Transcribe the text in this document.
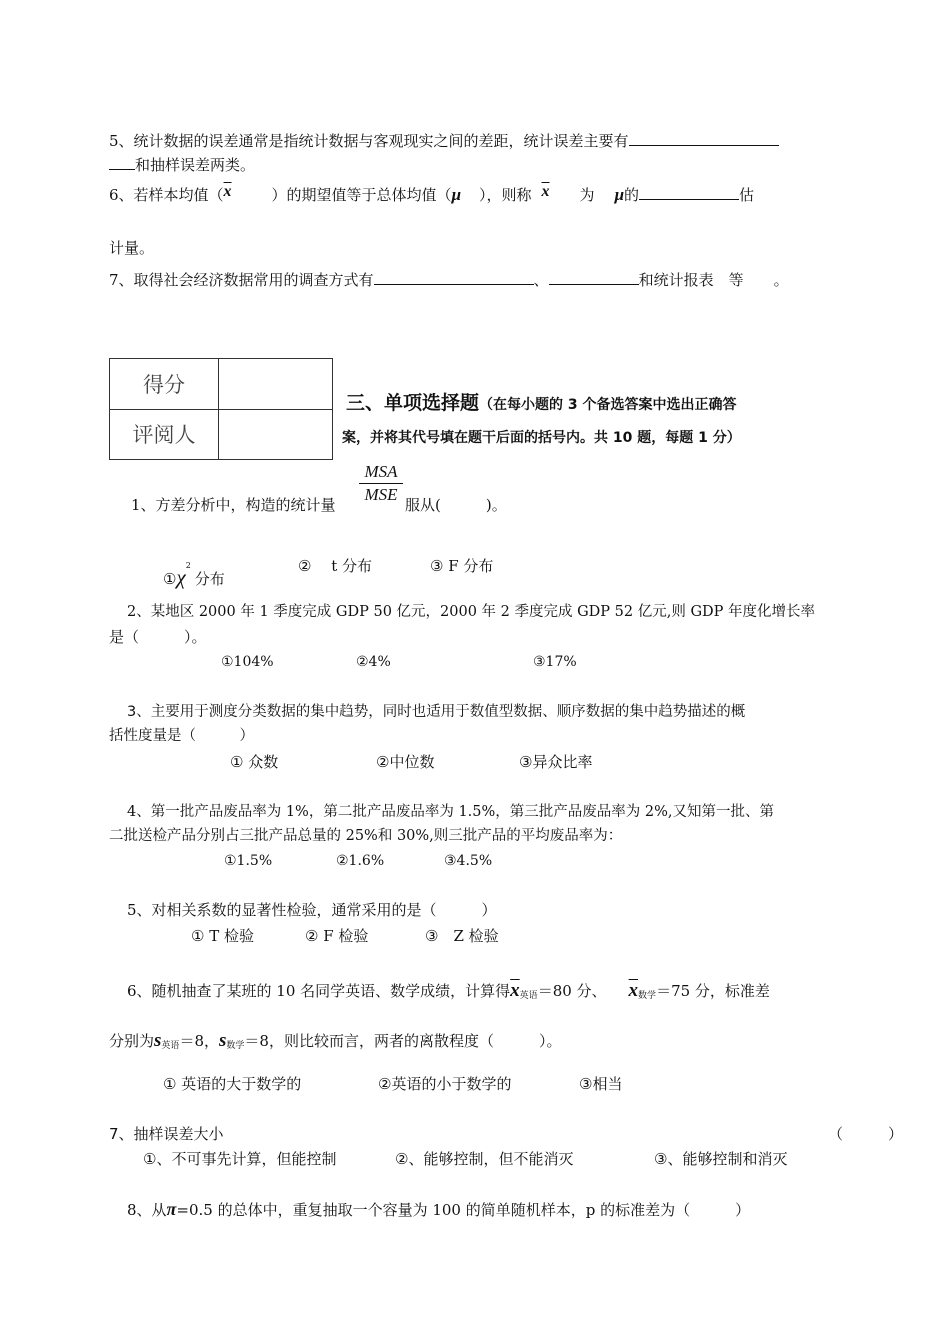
5、统计数据的误差通常是指统计数据与客观现实之间的差距，统计误差主要有
和抽样误差两类。
6、若样本均值（$\overline{x}$	）的期望值等于总体均值（μ ），则称 $\overline{x}$ 为 μ的	估
计量。
7、取得社会经济数据常用的调查方式有	、	和统计报表　等　　。
得分	
评阅人	
三、单项选择题（在每小题的 3 个备选答案中选出正确答
案，并将其代号填在题干后面的括号内。共 10 题，每题 1 分）
MSA
MSE
1、方差分析中，构造的统计量	服从(　　　)。
$①\chi^2$分布
②　 t 分布	③ F 分布
2、某地区 2000 年 1 季度完成 GDP 50 亿元，2000 年 2 季度完成 GDP 52 亿元,则 GDP 年度化增长率
是（　　　）。
①104%	②4%	③17%
3、主要用于测度分类数据的集中趋势，同时也适用于数值型数据、顺序数据的集中趋势描述的概
括性度量是（　　　）
① 众数	②中位数	③异众比率
4、第一批产品废品率为 1%，第二批产品废品率为 1.5%，第三批产品废品率为 2%,又知第一批、第
二批送检产品分别占三批产品总量的 25%和 30%,则三批产品的平均废品率为：
①1.5%	②1.6%	③4.5%
5、对相关系数的显著性检验，通常采用的是（　　　）
① T 检验	② F 检验	③　Z 检验
6、随机抽查了某班的 10 名同学英语、数学成绩，计算得$\overline{x}_{英语}=80$ 分、 $\overline{x}_{数学}=75$ 分，标准差
分别为$s_{英语}=8$，$s_{数学}=8$，则比较而言，两者的离散程度（　　　）。
① 英语的大于数学的	②英语的小于数学的	③相当
7、抽样误差大小	（　　　）
①、不可事先计算，但能控制	②、能够控制，但不能消灭	③、能够控制和消灭
8、从π=0.5 的总体中，重复抽取一个容量为 100 的简单随机样本，p 的标准差为（　　　）
